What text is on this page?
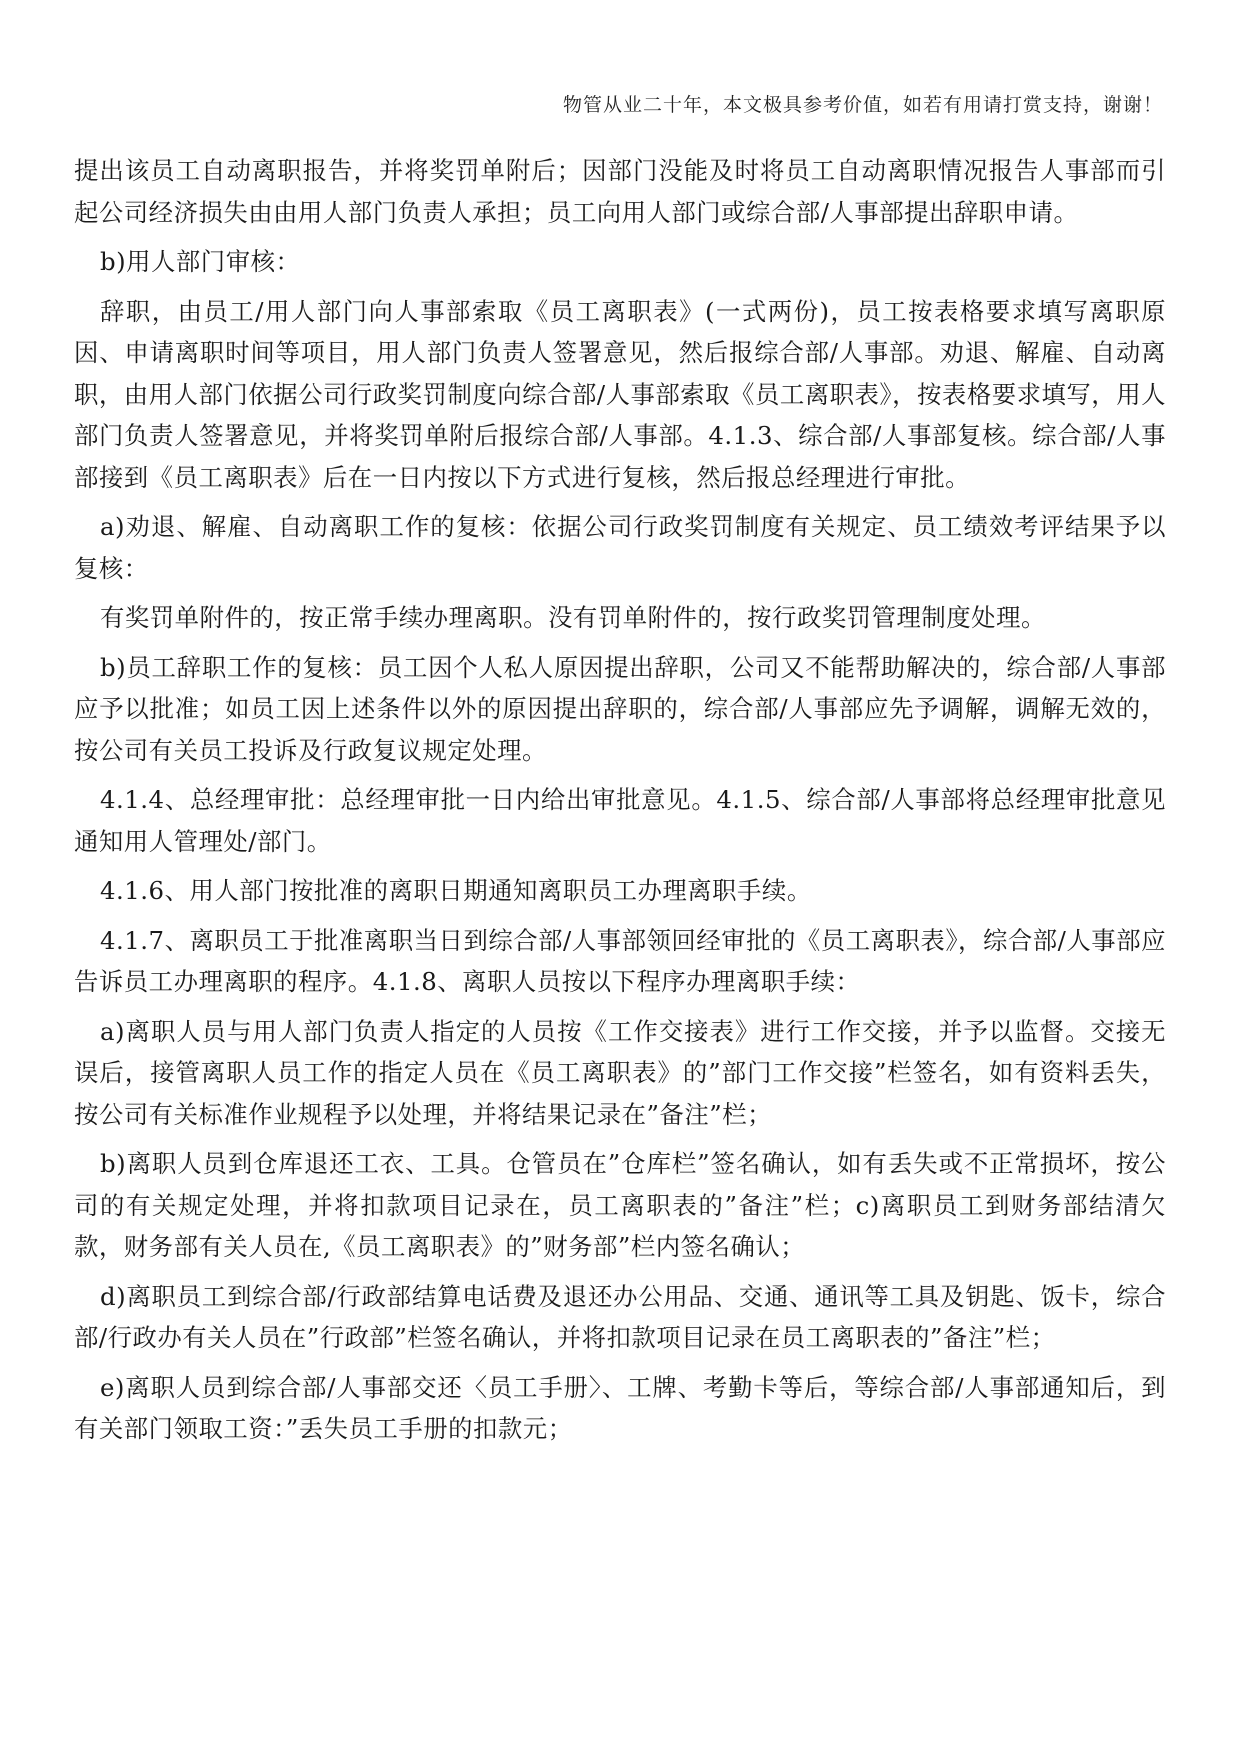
物管从业二十年，本文极具参考价值，如若有用请打赏支持，谢谢！

提出该员工自动离职报告，并将奖罚单附后；因部门没能及时将员工自动离职情况报告人事部而引起公司经济损失由由用人部门负责人承担；员工向用人部门或综合部/人事部提出辞职申请。

b)用人部门审核：

辞职，由员工/用人部门向人事部索取《员工离职表》(一式两份)，员工按表格要求填写离职原因、申请离职时间等项目，用人部门负责人签署意见，然后报综合部/人事部。劝退、解雇、自动离职，由用人部门依据公司行政奖罚制度向综合部/人事部索取《员工离职表》，按表格要求填写，用人部门负责人签署意见，并将奖罚单附后报综合部/人事部。4.1.3、综合部/人事部复核。综合部/人事部接到《员工离职表》后在一日内按以下方式进行复核，然后报总经理进行审批。

a)劝退、解雇、自动离职工作的复核：依据公司行政奖罚制度有关规定、员工绩效考评结果予以复核：

有奖罚单附件的，按正常手续办理离职。没有罚单附件的，按行政奖罚管理制度处理。

b)员工辞职工作的复核：员工因个人私人原因提出辞职，公司又不能帮助解决的，综合部/人事部应予以批准；如员工因上述条件以外的原因提出辞职的，综合部/人事部应先予调解，调解无效的，按公司有关员工投诉及行政复议规定处理。

4.1.4、总经理审批：总经理审批一日内给出审批意见。4.1.5、综合部/人事部将总经理审批意见通知用人管理处/部门。

4.1.6、用人部门按批准的离职日期通知离职员工办理离职手续。

4.1.7、离职员工于批准离职当日到综合部/人事部领回经审批的《员工离职表》，综合部/人事部应告诉员工办理离职的程序。4.1.8、离职人员按以下程序办理离职手续：

a)离职人员与用人部门负责人指定的人员按《工作交接表》进行工作交接，并予以监督。交接无误后，接管离职人员工作的指定人员在《员工离职表》的”部门工作交接”栏签名，如有资料丢失，按公司有关标准作业规程予以处理，并将结果记录在”备注”栏；

b)离职人员到仓库退还工衣、工具。仓管员在”仓库栏”签名确认，如有丢失或不正常损坏，按公司的有关规定处理，并将扣款项目记录在，员工离职表的”备注”栏；c)离职员工到财务部结清欠款，财务部有关人员在,《员工离职表》的”财务部”栏内签名确认；

d)离职员工到综合部/行政部结算电话费及退还办公用品、交通、通讯等工具及钥匙、饭卡，综合部/行政办有关人员在”行政部”栏签名确认，并将扣款项目记录在员工离职表的”备注”栏；

e)离职人员到综合部/人事部交还〈员工手册〉、工牌、考勤卡等后，等综合部/人事部通知后，到有关部门领取工资：”丢失员工手册的扣款元；
